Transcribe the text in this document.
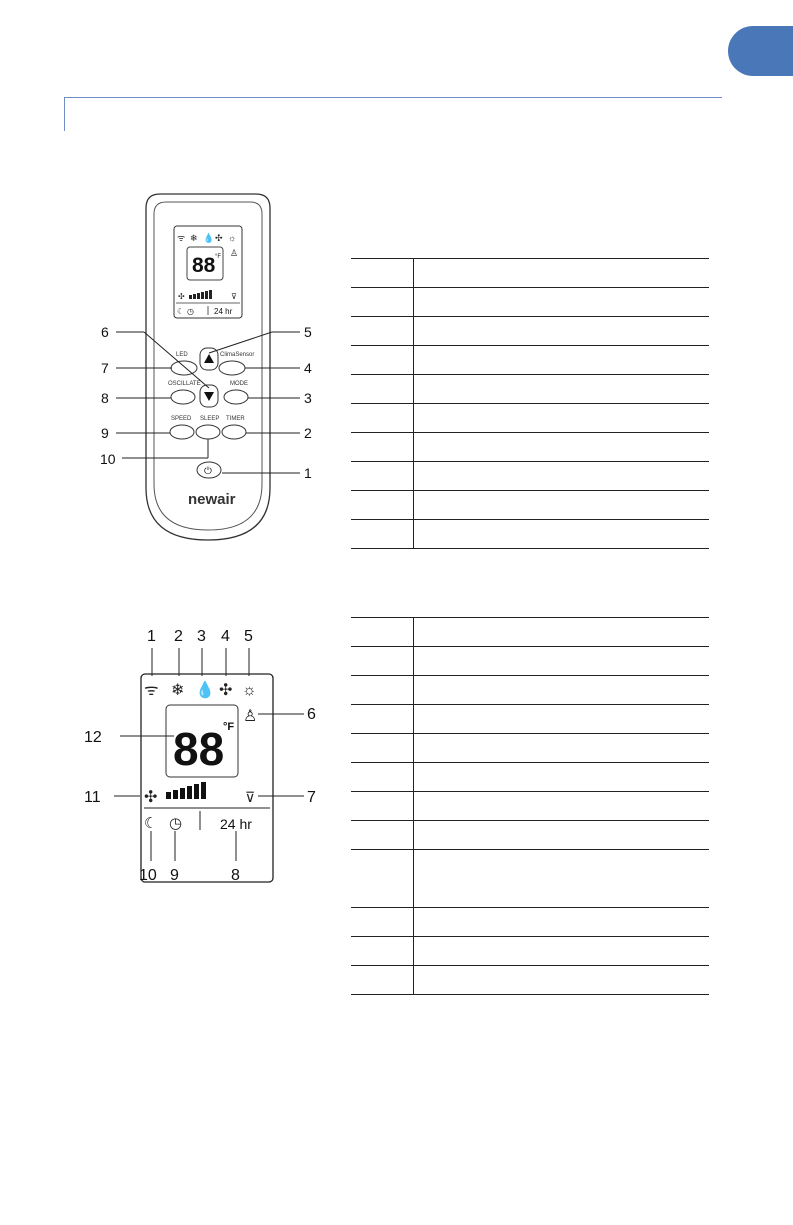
ᯤ ❄ 💧 ✣ ☼
88 °F ♙
✣	⊽
☾ ◷	24 hr
LED	ClimaSensor
OSCILLATE	MODE
SPEED SLEEP TIMER
⏻
newair
6	5
7	4
8	3
9	2
10
1
ᯤ ❄ 💧 ✣ ☼
♙
88
°F
✣	⊽
☾ ◷	24 hr
1 2 3 4 5
6
7
8
9
10
11
12
